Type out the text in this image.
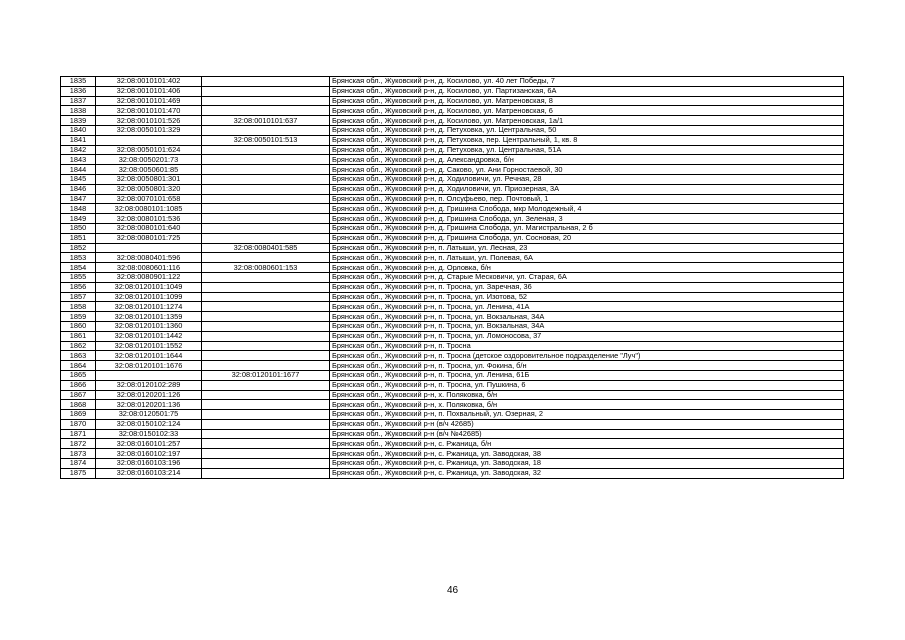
1835	32:08:0010101:402		Брянская обл., Жуковский р-н, д. Косилово, ул. 40 лет Победы, 7
1836	32:08:0010101:406		Брянская обл., Жуковский р-н, д. Косилово, ул. Партизанская, 6А
1837	32:08:0010101:469		Брянская обл., Жуковский р-н, д. Косилово, ул. Матреновская, 8
1838	32:08:0010101:470		Брянская обл., Жуковский р-н, д. Косилово, ул. Матреновская, 6
1839	32:08:0010101:526	32:08:0010101:637	Брянская обл., Жуковский р-н, д. Косилово, ул. Матреновская, 1а/1
1840	32:08:0050101:329		Брянская обл., Жуковский р-н, д. Петуховка, ул. Центральная, 50
1841		32:08:0050101:513	Брянская обл., Жуковский р-н, д. Петуховка, пер. Центральный, 1, кв. 8
1842	32:08:0050101:624		Брянская обл., Жуковский р-н, д. Петуховка, ул. Центральная, 51А
1843	32:08:0050201:73		Брянская обл., Жуковский р-н, д. Александровка, б/н
1844	32:08:0050601:85		Брянская обл., Жуковский р-н, д. Саково, ул. Ани Горностаевой, 30
1845	32:08:0050801:301		Брянская обл., Жуковский р-н, д. Ходиловичи, ул. Речная, 28
1846	32:08:0050801:320		Брянская обл., Жуковский р-н, д. Ходиловичи, ул. Приозерная, 3А
1847	32:08:0070101:658		Брянская обл., Жуковский р-н, п. Олсуфьево, пер. Почтовый, 1
1848	32:08:0080101:1085		Брянская обл., Жуковский р-н, д. Гришина Слобода, мкр Молодежный, 4
1849	32:08:0080101:536		Брянская обл., Жуковский р-н, д. Гришина Слобода, ул. Зеленая, 3
1850	32:08:0080101:640		Брянская обл., Жуковский р-н, д. Гришина Слобода, ул. Магистральная, 2 б
1851	32:08:0080101:725		Брянская обл., Жуковский р-н, д. Гришина Слобода, ул. Сосновая, 20
1852		32:08:0080401:585	Брянская обл., Жуковский р-н, п. Латыши, ул. Лесная, 23
1853	32:08:0080401:596		Брянская обл., Жуковский р-н, п. Латыши, ул. Полевая, 6А
1854	32:08:0080601:116	32:08:0080601:153	Брянская обл., Жуковский р-н, д. Орловка, б/н
1855	32:08:0080901:122		Брянская обл., Жуковский р-н, д. Старые Месковичи, ул. Старая, 6А
1856	32:08:0120101:1049		Брянская обл., Жуковский р-н, п. Тросна, ул. Заречная, 36
1857	32:08:0120101:1099		Брянская обл., Жуковский р-н, п. Тросна, ул. Изотова, 52
1858	32:08:0120101:1274		Брянская обл., Жуковский р-н, п. Тросна, ул. Ленина, 41А
1859	32:08:0120101:1359		Брянская обл., Жуковский р-н, п. Тросна, ул. Вокзальная, 34А
1860	32:08:0120101:1360		Брянская обл., Жуковский р-н, п. Тросна, ул. Вокзальная, 34А
1861	32:08:0120101:1442		Брянская обл., Жуковский р-н, п. Тросна, ул. Ломоносова, 37
1862	32:08:0120101:1552		Брянская обл., Жуковский р-н, п. Тросна
1863	32:08:0120101:1644		Брянская обл., Жуковский р-н, п. Тросна (детское оздоровительное подразделение "Луч")
1864	32:08:0120101:1676		Брянская обл., Жуковский р-н, п. Тросна, ул. Фокина, б/н
1865		32:08:0120101:1677	Брянская обл., Жуковский р-н, п. Тросна, ул. Ленина, 61Б
1866	32:08:0120102:289		Брянская обл., Жуковский р-н, п. Тросна, ул. Пушкина, 6
1867	32:08:0120201:126		Брянская обл., Жуковский р-н, х. Поляковка, б/н
1868	32:08:0120201:136		Брянская обл., Жуковский р-н, х. Поляковка, б/н
1869	32:08:0120501:75		Брянская обл., Жуковский р-н, п. Похвальный, ул. Озерная, 2
1870	32:08:0150102:124		Брянская обл., Жуковский р-н (в/ч 42685)
1871	32:08:0150102:33		Брянская обл., Жуковский р-н (в/ч №42685)
1872	32:08:0160101:257		Брянская обл., Жуковский р-н, с. Ржаница, б/н
1873	32:08:0160102:197		Брянская обл., Жуковский р-н, с. Ржаница, ул. Заводская, 38
1874	32:08:0160103:196		Брянская обл., Жуковский р-н, с. Ржаница, ул. Заводская, 18
1875	32:08:0160103:214		Брянская обл., Жуковский р-н, с. Ржаница, ул. Заводская, 32
46
